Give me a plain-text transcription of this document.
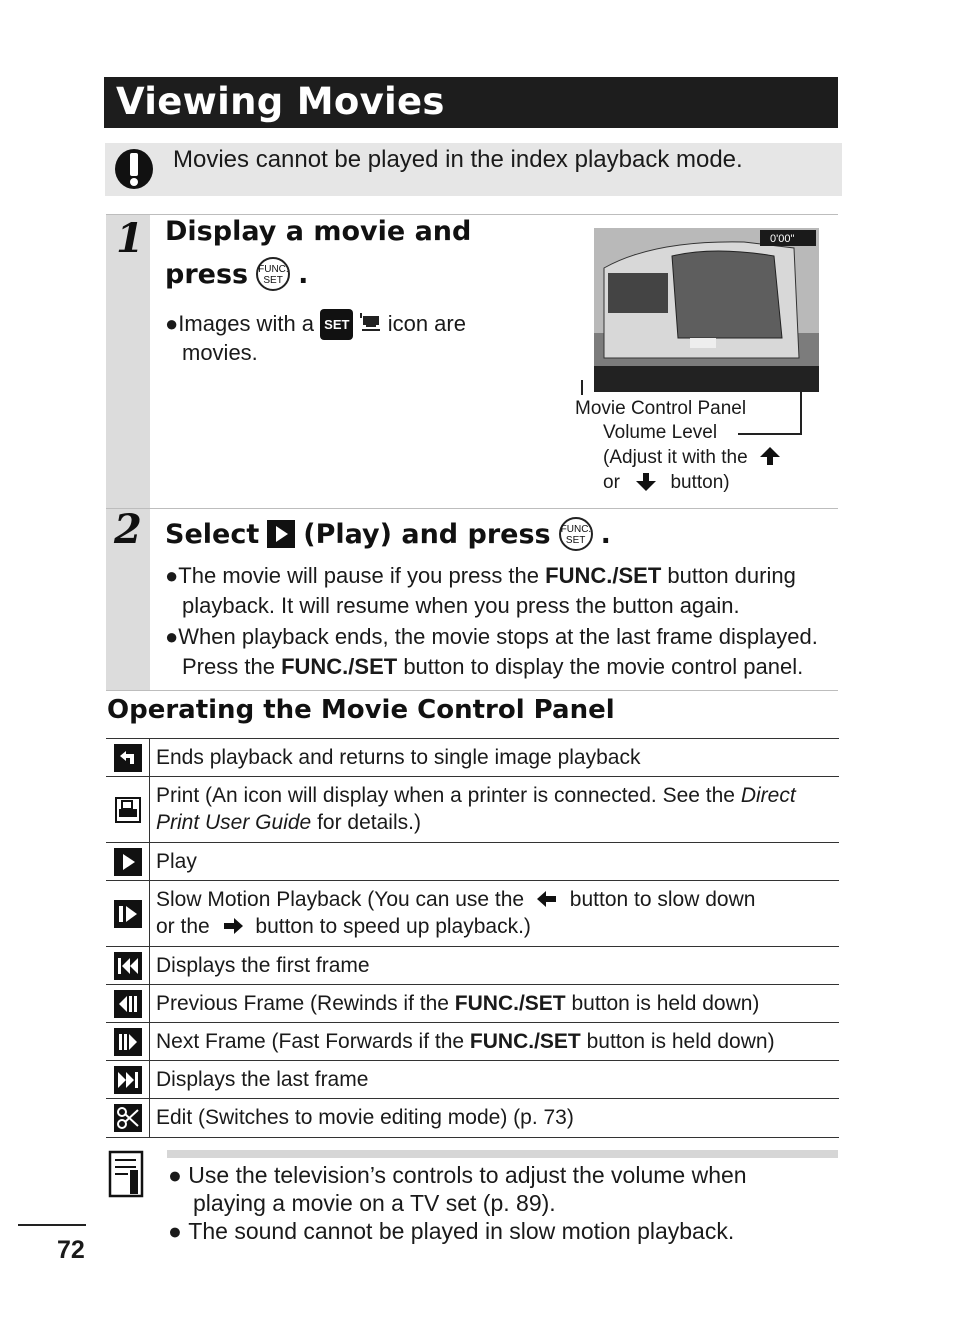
Viewing Movies
Movies cannot be played in the index playback mode.
1
2
Display a movie and
press FUNC.
SET .
●Images with a SET icon are
movies.
0'00"
Movie Control Panel
Volume Level
(Adjust it with the
or	button)
Select (Play) and press FUNC.
SET .
●The movie will pause if you press the FUNC./SET button during
playback. It will resume when you press the button again.
●When playback ends, the movie stops at the last frame displayed.
Press the FUNC./SET button to display the movie control panel.
Operating the Movie Control Panel
Ends playback and returns to single image playback
Print (An icon will display when a printer is connected. See the Direct
Print User Guide for details.)
Play
Slow Motion Playback (You can use the button to slow down
or the button to speed up playback.)
Displays the first frame
Previous Frame (Rewinds if the FUNC./SET button is held down)
Next Frame (Fast Forwards if the FUNC./SET button is held down)
Displays the last frame
Edit (Switches to movie editing mode) (p. 73)
● Use the television’s controls to adjust the volume when
playing a movie on a TV set (p. 89).
● The sound cannot be played in slow motion playback.
72
